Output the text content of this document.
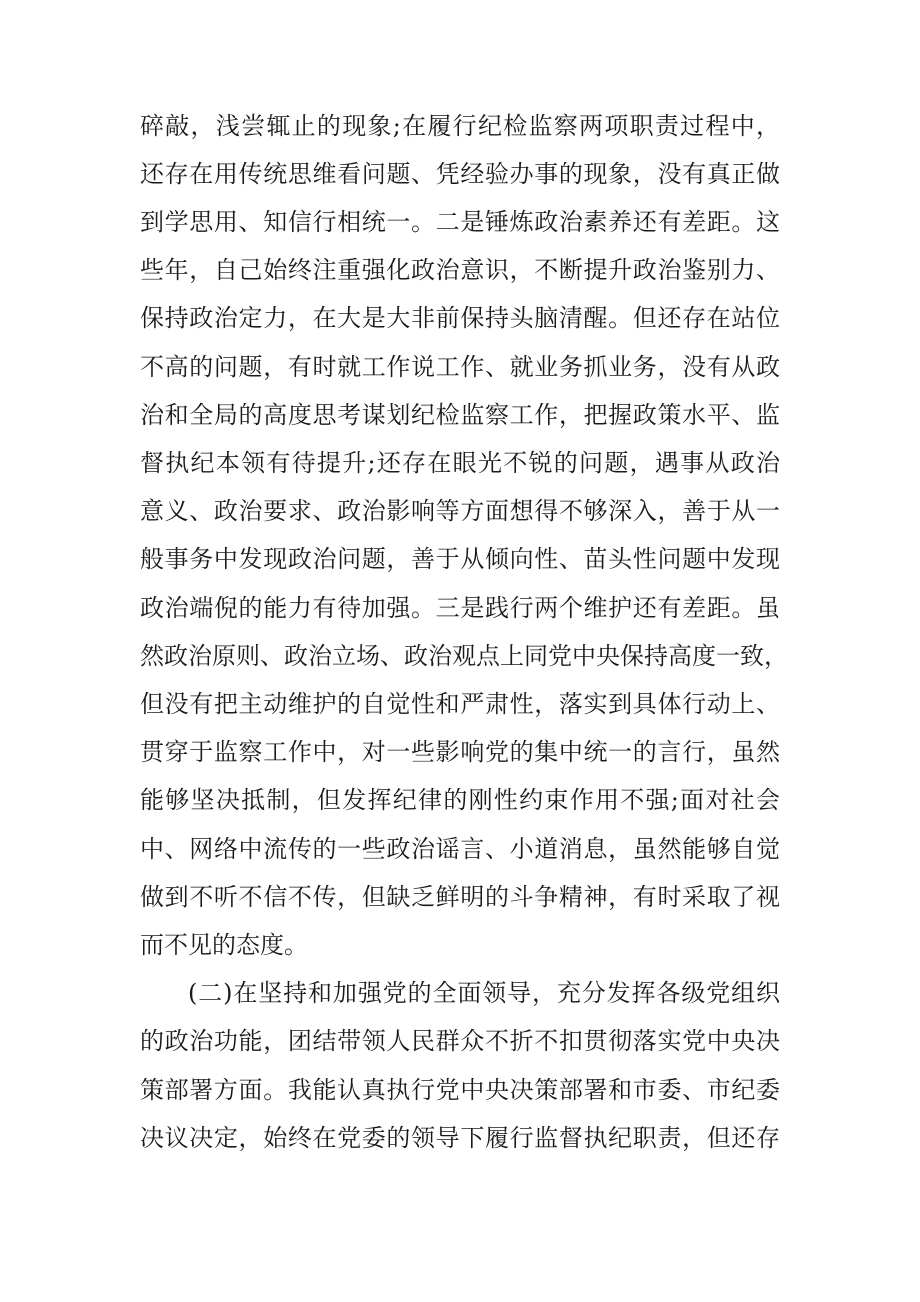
碎敲，浅尝辄止的现象;在履行纪检监察两项职责过程中，
还存在用传统思维看问题、凭经验办事的现象，没有真正做
到学思用、知信行相统一。二是锤炼政治素养还有差距。这
些年，自己始终注重强化政治意识，不断提升政治鉴别力、
保持政治定力，在大是大非前保持头脑清醒。但还存在站位
不高的问题，有时就工作说工作、就业务抓业务，没有从政
治和全局的高度思考谋划纪检监察工作，把握政策水平、监
督执纪本领有待提升;还存在眼光不锐的问题，遇事从政治
意义、政治要求、政治影响等方面想得不够深入，善于从一
般事务中发现政治问题，善于从倾向性、苗头性问题中发现
政治端倪的能力有待加强。三是践行两个维护还有差距。虽
然政治原则、政治立场、政治观点上同党中央保持高度一致，
但没有把主动维护的自觉性和严肃性，落实到具体行动上、
贯穿于监察工作中，对一些影响党的集中统一的言行，虽然
能够坚决抵制，但发挥纪律的刚性约束作用不强;面对社会
中、网络中流传的一些政治谣言、小道消息，虽然能够自觉
做到不听不信不传，但缺乏鲜明的斗争精神，有时采取了视
而不见的态度。
(二)在坚持和加强党的全面领导，充分发挥各级党组织
的政治功能，团结带领人民群众不折不扣贯彻落实党中央决
策部署方面。我能认真执行党中央决策部署和市委、市纪委
决议决定，始终在党委的领导下履行监督执纪职责，但还存
